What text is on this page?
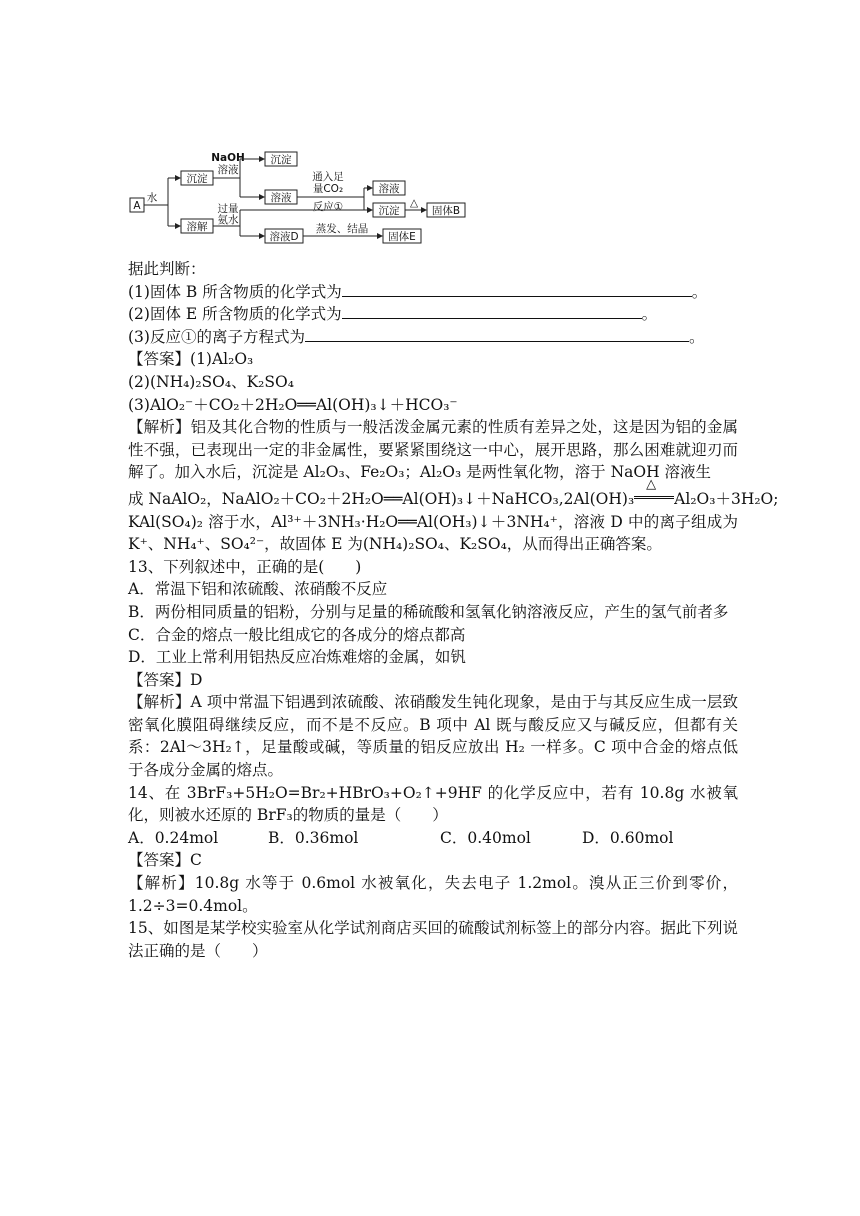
A
水
沉淀
溶解
NaOH
溶液
沉淀
溶液
通入足
量CO₂
反应①
溶液
沉淀
△
固体B
过量
氨水
溶液D
蒸发、结晶
固体E
据此判断：
(1)固体 B 所含物质的化学式为	。
(2)固体 E 所含物质的化学式为	。
(3)反应①的离子方程式为	。
【答案】(1)Al₂O₃
(2)(NH₄)₂SO₄、K₂SO₄
(3)AlO₂⁻＋CO₂＋2H₂O══Al(OH)₃↓＋HCO₃⁻
【解析】铝及其化合物的性质与一般活泼金属元素的性质有差异之处，这是因为铝的金属性不强，已表现出一定的非金属性，要紧紧围绕这一中心，展开思路，那么困难就迎刃而解了。加入水后，沉淀是 Al₂O₃、Fe₂O₃；Al₂O₃ 是两性氧化物，溶于 NaOH 溶液生
成 NaAlO₂，NaAlO₂＋CO₂＋2H₂O══Al(OH)₃↓＋NaHCO₃,2Al(OH)₃
△
Al₂O₃＋3H₂O;
KAl(SO₄)₂ 溶于水，Al³⁺＋3NH₃·H₂O══Al(OH₃)↓＋3NH₄⁺，溶液 D 中的离子组成为 K⁺、NH₄⁺、SO₄²⁻，故固体 E 为(NH₄)₂SO₄、K₂SO₄，从而得出正确答案。
13、下列叙述中，正确的是(　　)
A．常温下铝和浓硫酸、浓硝酸不反应
B．两份相同质量的铝粉，分别与足量的稀硫酸和氢氧化钠溶液反应，产生的氢气前者多
C．合金的熔点一般比组成它的各成分的熔点都高
D．工业上常利用铝热反应冶炼难熔的金属，如钒
【答案】D
【解析】A 项中常温下铝遇到浓硫酸、浓硝酸发生钝化现象，是由于与其反应生成一层致密氧化膜阻碍继续反应，而不是不反应。B 项中 Al 既与酸反应又与碱反应，但都有关系：2Al～3H₂↑，足量酸或碱，等质量的铝反应放出 H₂ 一样多。C 项中合金的熔点低于各成分金属的熔点。
14、在 3BrF₃+5H₂O=Br₂+HBrO₃+O₂↑+9HF 的化学反应中，若有 10.8g 水被氧化，则被水还原的 BrF₃的物质的量是（　　）
A．0.24mol	B．0.36mol	C．0.40mol	D．0.60mol
【答案】C
【解析】10.8g 水等于 0.6mol 水被氧化，失去电子 1.2mol。溴从正三价到零价，1.2÷3=0.4mol。
15、如图是某学校实验室从化学试剂商店买回的硫酸试剂标签上的部分内容。据此下列说法正确的是（　　）
